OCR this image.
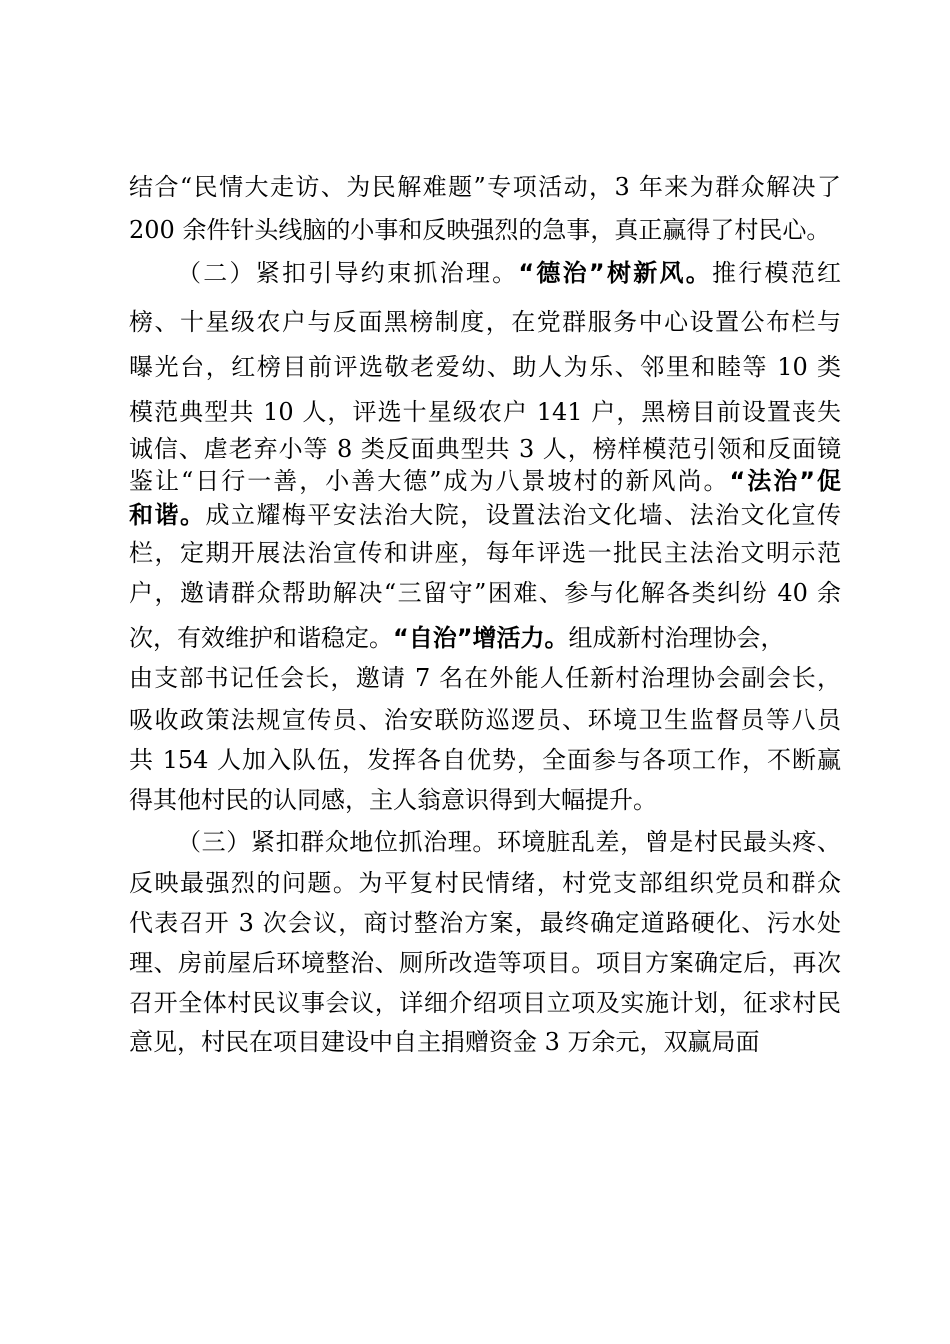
结合“民情大走访、为民解难题”专项活动，3 年来为群众解决了
200 余件针头线脑的小事和反映强烈的急事，真正赢得了村民心。
（二）紧扣引导约束抓治理。“德治”树新风。推行模范红
榜、十星级农户与反面黑榜制度，在党群服务中心设置公布栏与
曝光台，红榜目前评选敬老爱幼、助人为乐、邻里和睦等 10 类
模范典型共 10 人，评选十星级农户 141 户，黑榜目前设置丧失
诚信、虐老弃小等 8 类反面典型共 3 人，榜样模范引领和反面镜
鉴让“日行一善，小善大德”成为八景坡村的新风尚。“法治”促
和谐。成立耀梅平安法治大院，设置法治文化墙、法治文化宣传
栏，定期开展法治宣传和讲座，每年评选一批民主法治文明示范
户，邀请群众帮助解决“三留守”困难、参与化解各类纠纷 40 余
次，有效维护和谐稳定。“自治”增活力。组成新村治理协会，
由支部书记任会长，邀请 7 名在外能人任新村治理协会副会长，
吸收政策法规宣传员、治安联防巡逻员、环境卫生监督员等八员
共 154 人加入队伍，发挥各自优势，全面参与各项工作，不断赢
得其他村民的认同感，主人翁意识得到大幅提升。
（三）紧扣群众地位抓治理。环境脏乱差，曾是村民最头疼、
反映最强烈的问题。为平复村民情绪，村党支部组织党员和群众
代表召开 3 次会议，商讨整治方案，最终确定道路硬化、污水处
理、房前屋后环境整治、厕所改造等项目。项目方案确定后，再次
召开全体村民议事会议，详细介绍项目立项及实施计划，征求村民
意见，村民在项目建设中自主捐赠资金 3 万余元，双赢局面
